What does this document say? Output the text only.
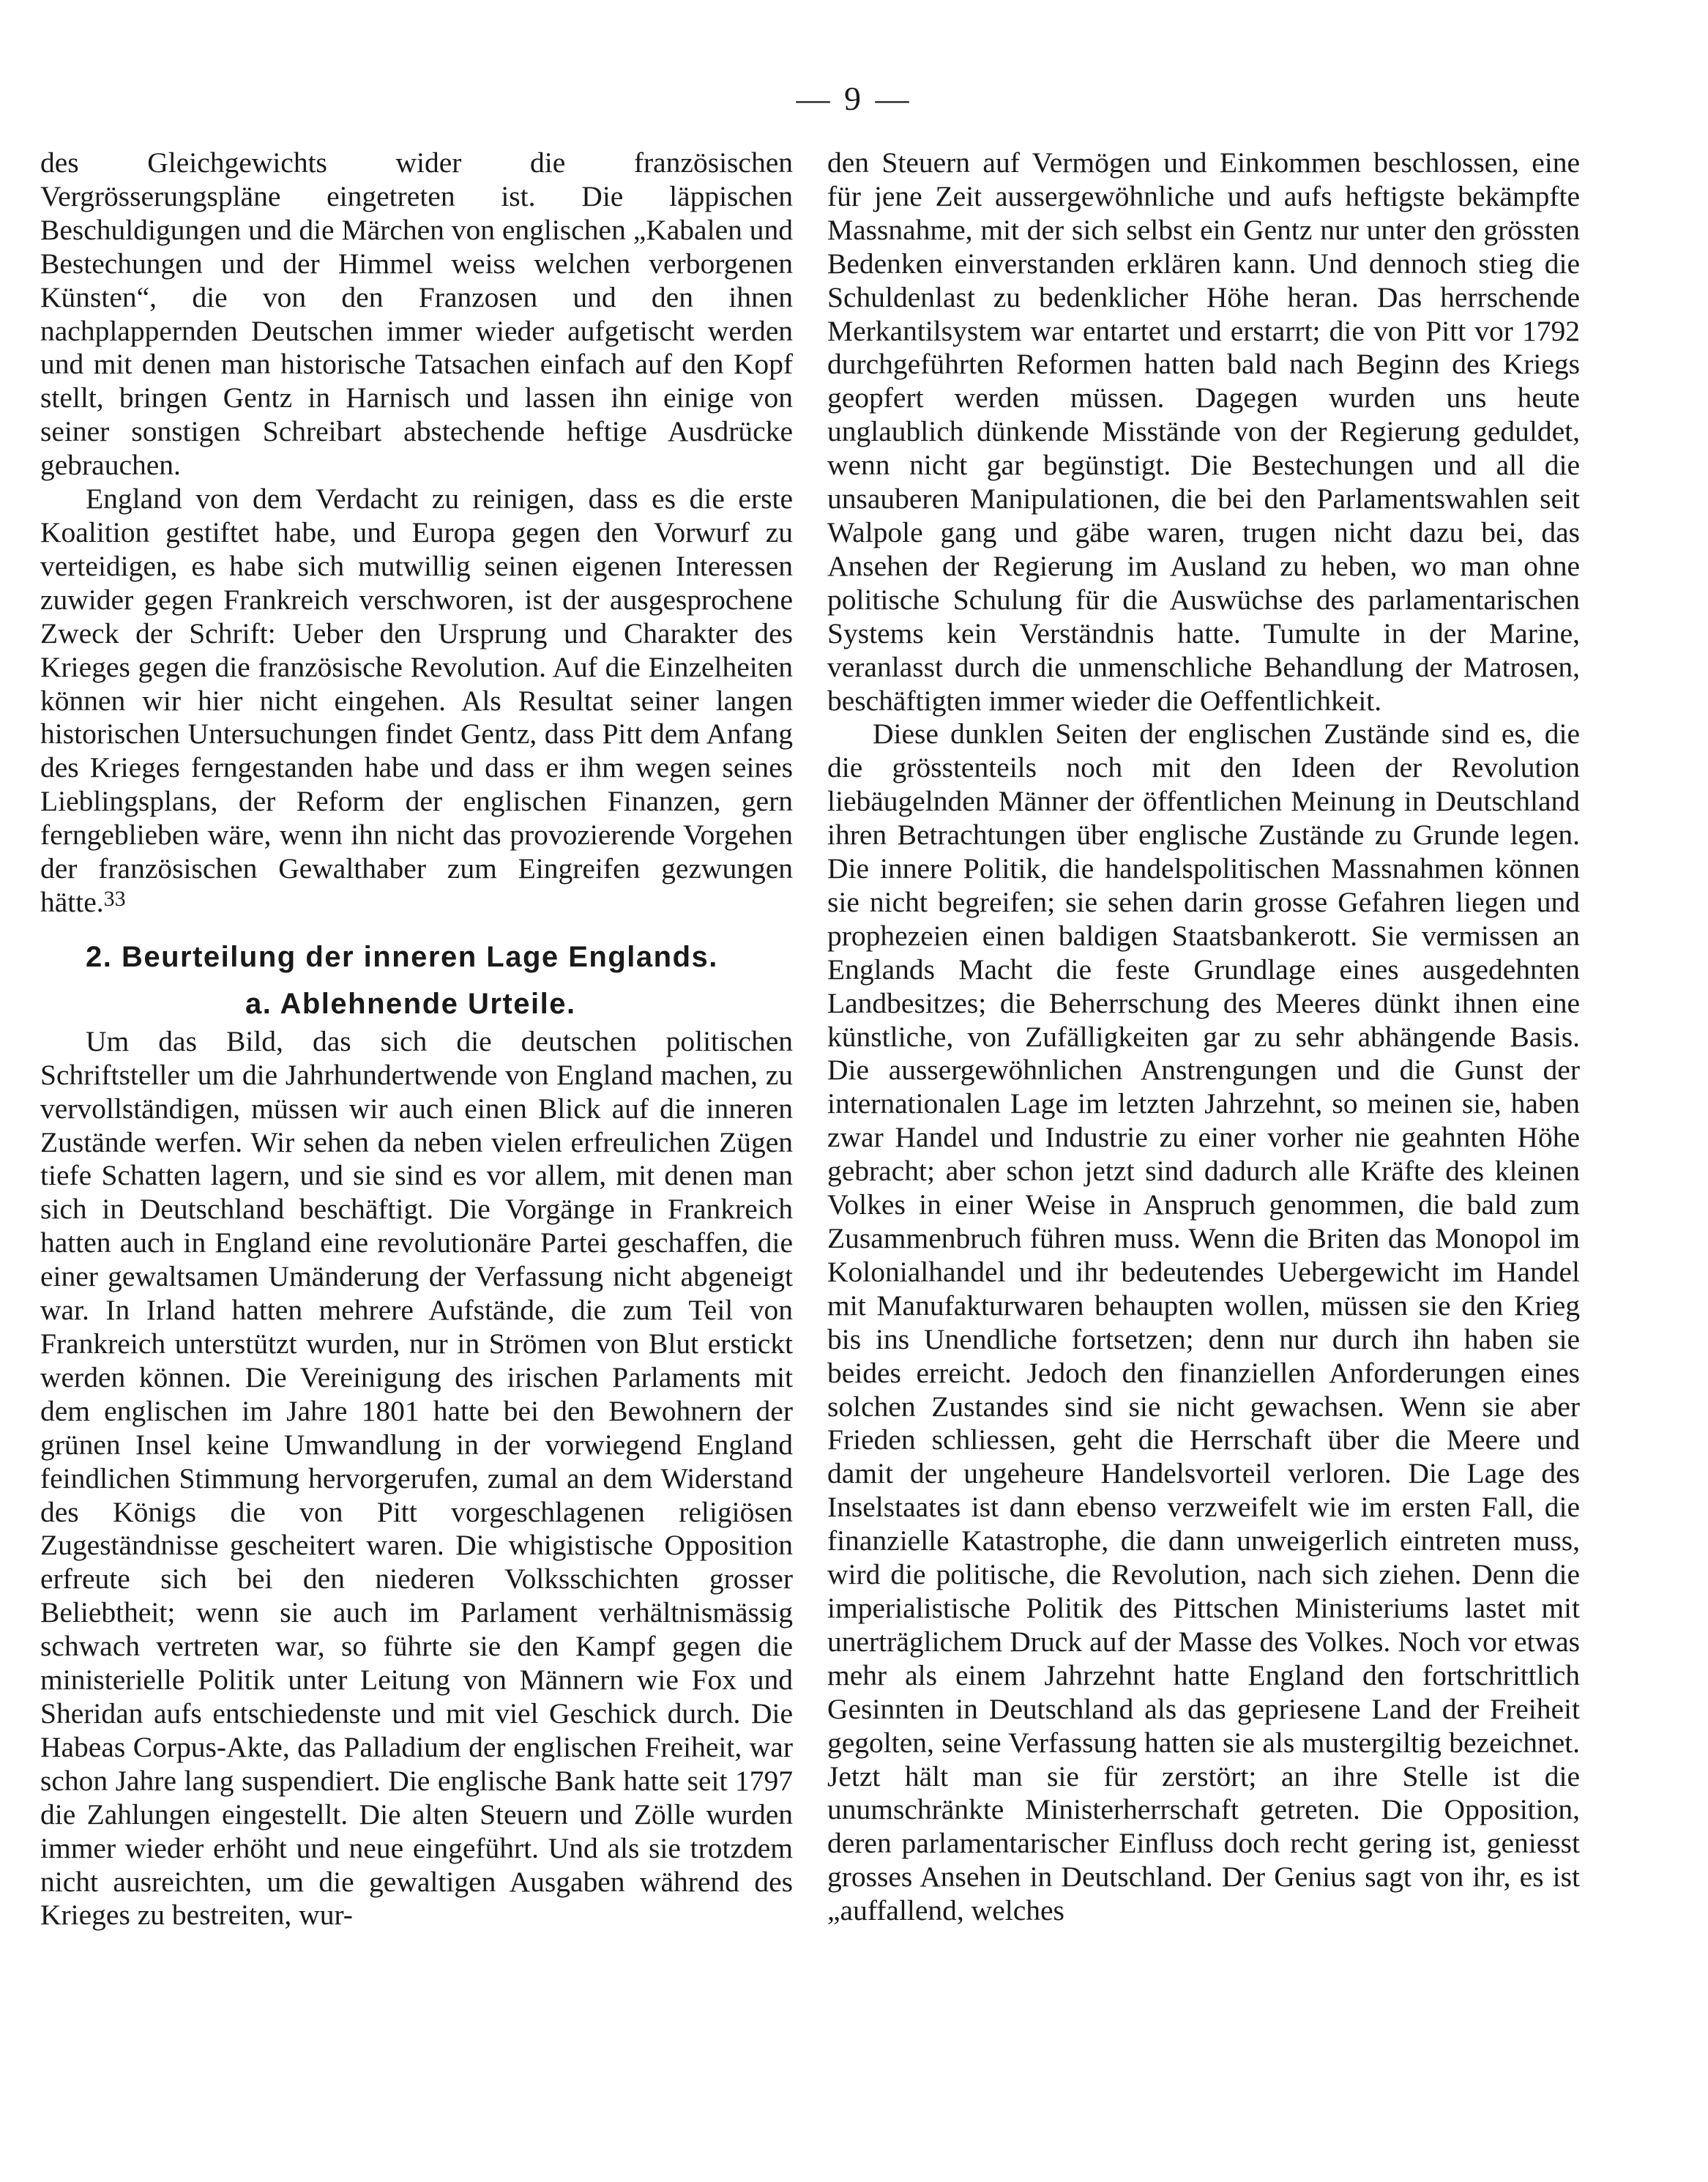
— 9 —

des Gleichgewichts wider die französischen Vergrösserungspläne eingetreten ist. Die läppischen Beschuldigungen und die Märchen von englischen „Kabalen und Bestechungen und der Himmel weiss welchen verborgenen Künsten“, die von den Franzosen und den ihnen nachplappernden Deutschen immer wieder aufgetischt werden und mit denen man historische Tatsachen einfach auf den Kopf stellt, bringen Gentz in Harnisch und lassen ihn einige von seiner sonstigen Schreibart abstechende heftige Ausdrücke gebrauchen.

England von dem Verdacht zu reinigen, dass es die erste Koalition gestiftet habe, und Europa gegen den Vorwurf zu verteidigen, es habe sich mutwillig seinen eigenen Interessen zuwider gegen Frankreich verschworen, ist der ausgesprochene Zweck der Schrift: Ueber den Ursprung und Charakter des Krieges gegen die französische Revolution. Auf die Einzelheiten können wir hier nicht eingehen. Als Resultat seiner langen historischen Untersuchungen findet Gentz, dass Pitt dem Anfang des Krieges ferngestanden habe und dass er ihm wegen seines Lieblingsplans, der Reform der englischen Finanzen, gern ferngeblieben wäre, wenn ihn nicht das provozierende Vorgehen der französischen Gewalthaber zum Eingreifen gezwungen hätte.$^{33}$

2. Beurteilung der inneren Lage Englands.
a. Ablehnende Urteile.

Um das Bild, das sich die deutschen politischen Schriftsteller um die Jahrhundertwende von England machen, zu vervollständigen, müssen wir auch einen Blick auf die inneren Zustände werfen. Wir sehen da neben vielen erfreulichen Zügen tiefe Schatten lagern, und sie sind es vor allem, mit denen man sich in Deutschland beschäftigt. Die Vorgänge in Frankreich hatten auch in England eine revolutionäre Partei geschaffen, die einer gewaltsamen Umänderung der Verfassung nicht abgeneigt war. In Irland hatten mehrere Aufstände, die zum Teil von Frankreich unterstützt wurden, nur in Strömen von Blut erstickt werden können. Die Vereinigung des irischen Parlaments mit dem englischen im Jahre 1801 hatte bei den Bewohnern der grünen Insel keine Umwandlung in der vorwiegend England feindlichen Stimmung hervorgerufen, zumal an dem Widerstand des Königs die von Pitt vorgeschlagenen religiösen Zugeständnisse gescheitert waren. Die whigistische Opposition erfreute sich bei den niederen Volksschichten grosser Beliebtheit; wenn sie auch im Parlament verhältnismässig schwach vertreten war, so führte sie den Kampf gegen die ministerielle Politik unter Leitung von Männern wie Fox und Sheridan aufs entschiedenste und mit viel Geschick durch. Die Habeas Corpus-Akte, das Palladium der englischen Freiheit, war schon Jahre lang suspendiert. Die englische Bank hatte seit 1797 die Zahlungen eingestellt. Die alten Steuern und Zölle wurden immer wieder erhöht und neue eingeführt. Und als sie trotzdem nicht ausreichten, um die gewaltigen Ausgaben während des Krieges zu bestreiten, wur-

den Steuern auf Vermögen und Einkommen beschlossen, eine für jene Zeit aussergewöhnliche und aufs heftigste bekämpfte Massnahme, mit der sich selbst ein Gentz nur unter den grössten Bedenken einverstanden erklären kann. Und dennoch stieg die Schuldenlast zu bedenklicher Höhe heran. Das herrschende Merkantilsystem war entartet und erstarrt; die von Pitt vor 1792 durchgeführten Reformen hatten bald nach Beginn des Kriegs geopfert werden müssen. Dagegen wurden uns heute unglaublich dünkende Misstände von der Regierung geduldet, wenn nicht gar begünstigt. Die Bestechungen und all die unsauberen Manipulationen, die bei den Parlamentswahlen seit Walpole gang und gäbe waren, trugen nicht dazu bei, das Ansehen der Regierung im Ausland zu heben, wo man ohne politische Schulung für die Auswüchse des parlamentarischen Systems kein Verständnis hatte. Tumulte in der Marine, veranlasst durch die unmenschliche Behandlung der Matrosen, beschäftigten immer wieder die Oeffentlichkeit.

Diese dunklen Seiten der englischen Zustände sind es, die die grösstenteils noch mit den Ideen der Revolution liebäugelnden Männer der öffentlichen Meinung in Deutschland ihren Betrachtungen über englische Zustände zu Grunde legen. Die innere Politik, die handelspolitischen Massnahmen können sie nicht begreifen; sie sehen darin grosse Gefahren liegen und prophezeien einen baldigen Staatsbankerott. Sie vermissen an Englands Macht die feste Grundlage eines ausgedehnten Landbesitzes; die Beherrschung des Meeres dünkt ihnen eine künstliche, von Zufälligkeiten gar zu sehr abhängende Basis. Die aussergewöhnlichen Anstrengungen und die Gunst der internationalen Lage im letzten Jahrzehnt, so meinen sie, haben zwar Handel und Industrie zu einer vorher nie geahnten Höhe gebracht; aber schon jetzt sind dadurch alle Kräfte des kleinen Volkes in einer Weise in Anspruch genommen, die bald zum Zusammenbruch führen muss. Wenn die Briten das Monopol im Kolonialhandel und ihr bedeutendes Uebergewicht im Handel mit Manufakturwaren behaupten wollen, müssen sie den Krieg bis ins Unendliche fortsetzen; denn nur durch ihn haben sie beides erreicht. Jedoch den finanziellen Anforderungen eines solchen Zustandes sind sie nicht gewachsen. Wenn sie aber Frieden schliessen, geht die Herrschaft über die Meere und damit der ungeheure Handelsvorteil verloren. Die Lage des Inselstaates ist dann ebenso verzweifelt wie im ersten Fall, die finanzielle Katastrophe, die dann unweigerlich eintreten muss, wird die politische, die Revolution, nach sich ziehen. Denn die imperialistische Politik des Pittschen Ministeriums lastet mit unerträglichem Druck auf der Masse des Volkes. Noch vor etwas mehr als einem Jahrzehnt hatte England den fortschrittlich Gesinnten in Deutschland als das gepriesene Land der Freiheit gegolten, seine Verfassung hatten sie als mustergiltig bezeichnet. Jetzt hält man sie für zerstört; an ihre Stelle ist die unumschränkte Ministerherrschaft getreten. Die Opposition, deren parlamentarischer Einfluss doch recht gering ist, geniesst grosses Ansehen in Deutschland. Der Genius sagt von ihr, es ist „auffallend, welches
